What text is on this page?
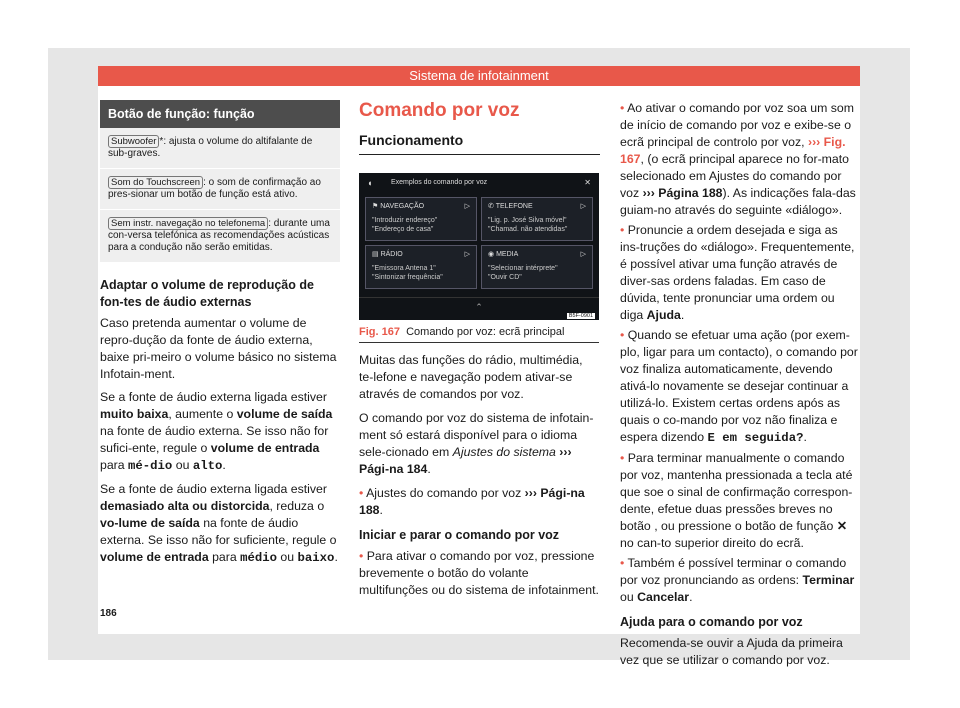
Sistema de infotainment
Botão de função: função
Subwoofer *: ajusta o volume do altifalante de sub-graves.
Som do Touchscreen : o som de confirmação ao pres-sionar um botão de função está ativo.
Sem instr. navegação no telefonema : durante uma con-versa telefónica as recomendações acústicas para a condução não serão emitidas.

Adaptar o volume de reprodução de fon-tes de áudio externas

Caso pretenda aumentar o volume de repro-dução da fonte de áudio externa, baixe pri-meiro o volume básico no sistema Infotain-ment.

Se a fonte de áudio externa ligada estiver muito baixa, aumente o volume de saída na fonte de áudio externa. Se isso não for sufici-ente, regule o volume de entrada para mé-dio ou alto.

Se a fonte de áudio externa ligada estiver demasiado alta ou distorcida, reduza o vo-lume de saída na fonte de áudio externa. Se isso não for suficiente, regule o volume de entrada para médio ou baixo.

Comando por voz

Funcionamento

◖	Exemplos do comando por voz	✕
⚑ NAVEGAÇÃO	▷
"Introduzir endereço"
"Endereço de casa"
✆ TELEFONE	▷
"Lig. p. José Silva móvel"
"Chamad. não atendidas"
▤ RÁDIO	▷
"Emissora Antena 1"
"Sintonizar frequência"
◉ MEDIA	▷
"Selecionar intérprete"
"Ouvir CD"
⌃
B5F-0901
Fig. 167 Comando por voz: ecrã principal

Muitas das funções do rádio, multimédia, te-lefone e navegação podem ativar-se através de comandos por voz.

O comando por voz do sistema de infotain-ment só estará disponível para o idioma sele-cionado em Ajustes do sistema ››› Pági-na 184.

• Ajustes do comando por voz ››› Pági-na 188.

Iniciar e parar o comando por voz

• Para ativar o comando por voz, pressione brevemente o botão do volante multifunções ou do sistema de infotainment.

• Ao ativar o comando por voz soa um som de início de comando por voz e exibe-se o ecrã principal de controlo por voz, ››› Fig. 167, (o ecrã principal aparece no for-mato selecionado em Ajustes do comando por voz ››› Página 188). As indicações fala-das guiam-no através do seguinte «diálogo».

• Pronuncie a ordem desejada e siga as ins-truções do «diálogo». Frequentemente, é possível ativar uma função através de diver-sas ordens faladas. Em caso de dúvida, tente pronunciar uma ordem ou diga Ajuda.

• Quando se efetuar uma ação (por exem-plo, ligar para um contacto), o comando por voz finaliza automaticamente, devendo ativá-lo novamente se desejar continuar a utilizá-lo. Existem certas ordens após as quais o co-mando por voz não finaliza e espera dizendo E em seguida?.

• Para terminar manualmente o comando por voz, mantenha pressionada a tecla até que soe o sinal de confirmação correspon-dente, efetue duas pressões breves no botão , ou pressione o botão de função ✕ no can-to superior direito do ecrã.

• Também é possível terminar o comando por voz pronunciando as ordens: Terminar ou Cancelar.

Ajuda para o comando por voz

Recomenda-se ouvir a Ajuda da primeira vez que se utilizar o comando por voz.

186
